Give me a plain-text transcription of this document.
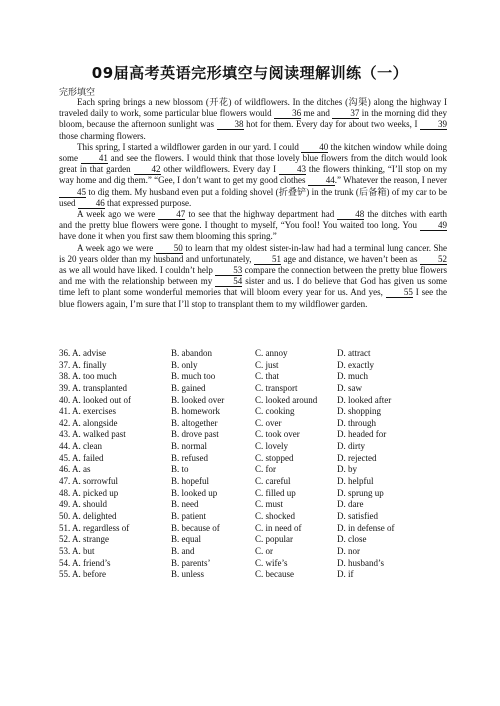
09届高考英语完形填空与阅读理解训练（一）
完形填空

Each spring brings a new blossom (开花) of wildflowers. In the ditches (沟渠) along the highway I traveled daily to work, some particular blue flowers would 36 me and 37 in the morning did they bloom, because the afternoon sunlight was 38 hot for them. Every day for about two weeks, I 39 those charming flowers.

This spring, I started a wildflower garden in our yard. I could 40 the kitchen window while doing some 41 and see the flowers. I would think that those lovely blue flowers from the ditch would look great in that garden 42 other wildflowers. Every day I 43 the flowers thinking, “I’ll stop on my way home and dig them.” “Gee, I don’t want to get my good clothes 44.” Whatever the reason, I never 45 to dig them. My husband even put a folding shovel (折叠铲) in the trunk (后备箱) of my car to be used 46 that expressed purpose.

A week ago we were 47 to see that the highway department had 48 the ditches with earth and the pretty blue flowers were gone. I thought to myself, “You fool! You waited too long. You 49 have done it when you first saw them blooming this spring.”

A week ago we were 50 to learn that my oldest sister-in-law had had a terminal lung cancer. She is 20 years older than my husband and unfortunately, 51 age and distance, we haven’t been as 52 as we all would have liked. I couldn’t help 53 compare the connection between the pretty blue flowers and me with the relationship between my 54 sister and us. I do believe that God has given us some time left to plant some wonderful memories that will bloom every year for us. And yes, 55 I see the blue flowers again, I’m sure that I’ll stop to transplant them to my wildflower garden.

36. A. advise	B. abandon	C. annoy	D. attract
37. A. finally	B. only	C. just	D. exactly
38. A. too much	B. much too	C. that	D. much
39. A. transplanted	B. gained	C. transport	D. saw
40. A. looked out of	B. looked over	C. looked around D. looked after
41. A. exercises	B. homework	C. cooking	D. shopping
42. A. alongside	B. altogether	C. over	D. through
43. A. walked past	B. drove past	C. took over	D. headed for
44. A. clean	B. normal	C. lovely	D. dirty
45. A. failed	B. refused	C. stopped	D. rejected
46. A. as	B. to	C. for	D. by
47. A. sorrowful	B. hopeful	C. careful	D. helpful
48. A. picked up	B. looked up	C. filled up	D. sprung up
49. A. should	B. need	C. must	D. dare
50. A. delighted	B. patient	C. shocked	D. satisfied
51. A. regardless of	B. because of	C. in need of	D. in defense of
52. A. strange	B. equal	C. popular	D. close
53. A. but	B. and	C. or	D. nor
54. A. friend’s	B. parents’	C. wife’s	D. husband’s
55. A. before	B. unless	C. because	D. if
